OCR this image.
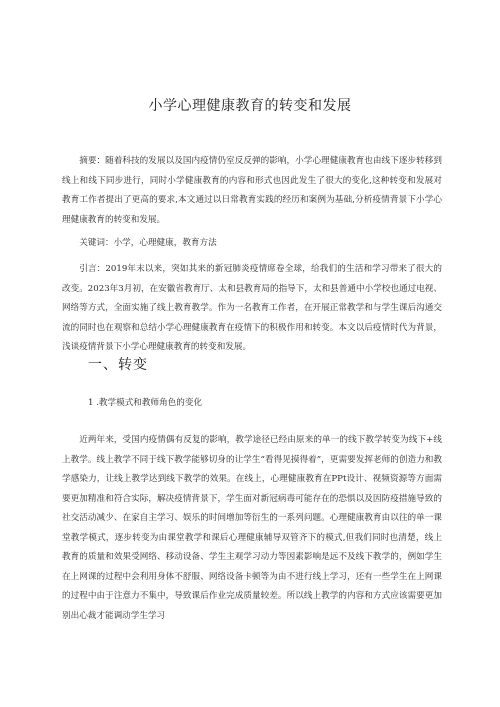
小学心理健康教育的转变和发展
摘要：随着科技的发展以及国内疫情仍室反反弹的影响，小学心理健康教育也由线下逐步转移到线上和线下同步进行，同时小学健康教育的内容和形式也因此发生了很大的变化,这种转变和发展对教育工作者提出了更高的要求,本文通过以日常教育实践的经历和案例为基础,分析疫情背景下小学心理健康教育的转变和发展。
关键词：小学，心理健康，教育方法
引言：2019年末以来，突如其来的新冠肺炎疫情席卷全球，给我们的生活和学习带来了很大的改变。2023年3月初，在安徽省教育厅、太和县教育局的指导下，太和县普通中小学校也通过电视、网络等方式，全面实施了线上教育教学。作为一名教育工作者，在开展正常教学和与学生课后沟通交流的同时也在观察和总结小学心理健康教育在疫情下的积极作用和转变。本文以后疫情时代为背景，浅谈疫情背景下小学心理健康教育的转变和发展。
一、转变
1 .教学模式和教师角色的变化
近两年来，受国内疫情偶有反复的影响，教学途径已经由原来的单一的线下教学转变为线下+线上教学。线上教学不同于线下教学能够切身的让学生“看得见摸得着”，更需要发挥老师的创造力和教学感染力，让线上教学达到线下教学的效果。在线上，心理健康教育在PPt设计、视频资源等方面需要更加精准和符合实际，解决疫情背景下，学生面对新冠病毒可能存在的恐惧以及因防疫措施导致的社交活动减少、在家自主学习、娱乐的时间增加等衍生的一系列问题。心理健康教育由以往的单一课堂教学模式，逐步转变为由课堂教学和课后心理健康辅导双管齐下的模式,但我们同时也清楚，线上教育的质量和效果受网络、移动设备、学生主观学习动力等因素影响是远不及线下教学的，例如学生在上网课的过程中会利用身体不舒服、网络设备卡顿等为由不进行线上学习，还有一些学生在上网课的过程中由于注意力不集中，导致课后作业完成质量较差。所以线上教学的内容和方式应该需要更加别出心裁才能调动学生学习
